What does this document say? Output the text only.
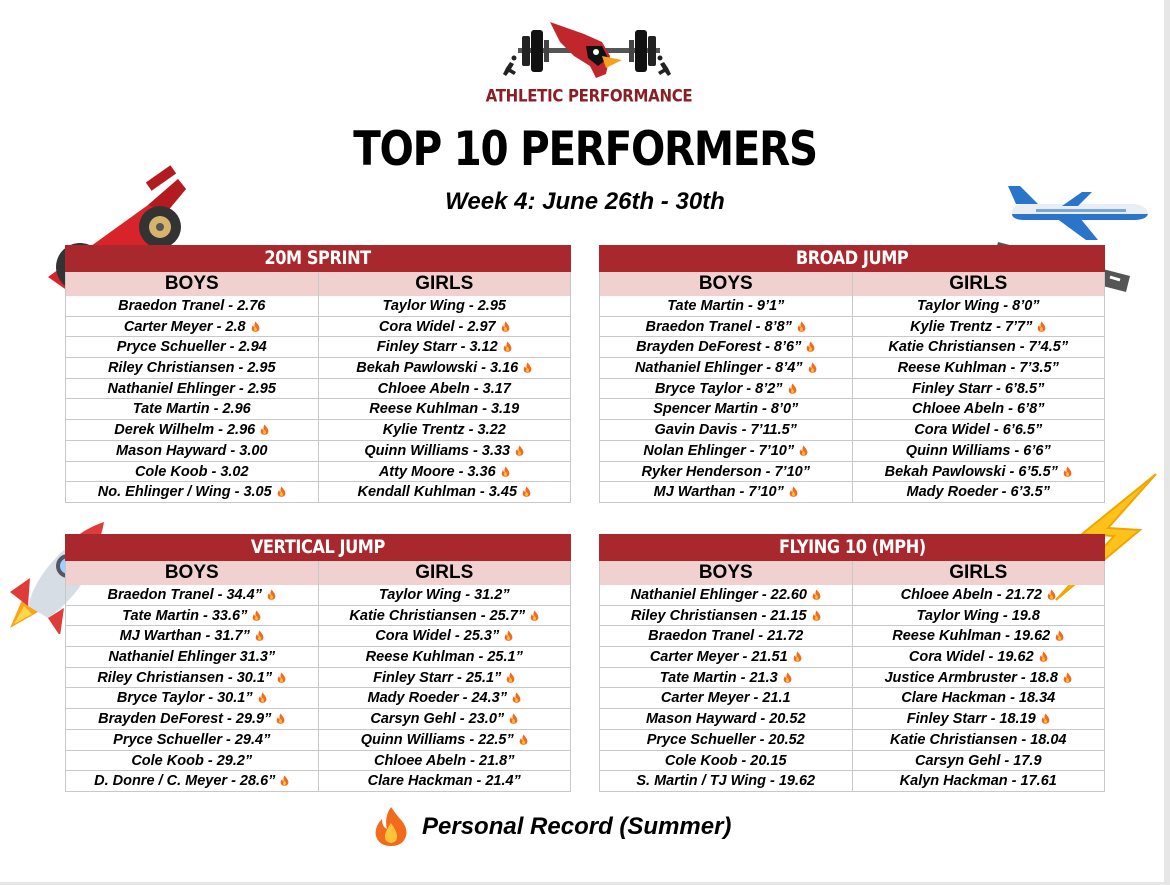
ATHLETIC PERFORMANCE
TOP 10 PERFORMERS
Week 4: June 26th - 30th
20M SPRINT
BOYS	GIRLS
Braedon Tranel - 2.76	Taylor Wing - 2.95
Carter Meyer - 2.8	Cora Widel - 2.97
Pryce Schueller - 2.94	Finley Starr - 3.12
Riley Christiansen - 2.95	Bekah Pawlowski - 3.16
Nathaniel Ehlinger - 2.95	Chloee Abeln - 3.17
Tate Martin - 2.96	Reese Kuhlman - 3.19
Derek Wilhelm - 2.96	Kylie Trentz - 3.22
Mason Hayward - 3.00	Quinn Williams - 3.33
Cole Koob - 3.02	Atty Moore - 3.36
No. Ehlinger / Wing - 3.05	Kendall Kuhlman - 3.45
BROAD JUMP
BOYS	GIRLS
Tate Martin - 9’1”	Taylor Wing - 8’0”
Braedon Tranel - 8’8”	Kylie Trentz - 7’7”
Brayden DeForest - 8’6”	Katie Christiansen - 7’4.5”
Nathaniel Ehlinger - 8’4”	Reese Kuhlman - 7’3.5”
Bryce Taylor - 8’2”	Finley Starr - 6’8.5”
Spencer Martin - 8’0”	Chloee Abeln - 6’8”
Gavin Davis - 7’11.5”	Cora Widel - 6’6.5”
Nolan Ehlinger - 7’10”	Quinn Williams - 6’6”
Ryker Henderson - 7’10”	Bekah Pawlowski - 6’5.5”
MJ Warthan - 7’10”	Mady Roeder - 6’3.5”
VERTICAL JUMP
BOYS	GIRLS
Braedon Tranel - 34.4”	Taylor Wing - 31.2”
Tate Martin - 33.6”	Katie Christiansen - 25.7”
MJ Warthan - 31.7”	Cora Widel - 25.3”
Nathaniel Ehlinger 31.3”	Reese Kuhlman - 25.1”
Riley Christiansen - 30.1”	Finley Starr - 25.1”
Bryce Taylor - 30.1”	Mady Roeder - 24.3”
Brayden DeForest - 29.9”	Carsyn Gehl - 23.0”
Pryce Schueller - 29.4”	Quinn Williams - 22.5”
Cole Koob - 29.2”	Chloee Abeln - 21.8”
D. Donre / C. Meyer - 28.6”	Clare Hackman - 21.4”
FLYING 10 (MPH)
BOYS	GIRLS
Nathaniel Ehlinger - 22.60	Chloee Abeln - 21.72
Riley Christiansen - 21.15	Taylor Wing - 19.8
Braedon Tranel - 21.72	Reese Kuhlman - 19.62
Carter Meyer - 21.51	Cora Widel - 19.62
Tate Martin - 21.3	Justice Armbruster - 18.8
Carter Meyer - 21.1	Clare Hackman - 18.34
Mason Hayward - 20.52	Finley Starr - 18.19
Pryce Schueller - 20.52	Katie Christiansen - 18.04
Cole Koob - 20.15	Carsyn Gehl - 17.9
S. Martin / TJ Wing - 19.62	Kalyn Hackman - 17.61
Personal Record (Summer)
